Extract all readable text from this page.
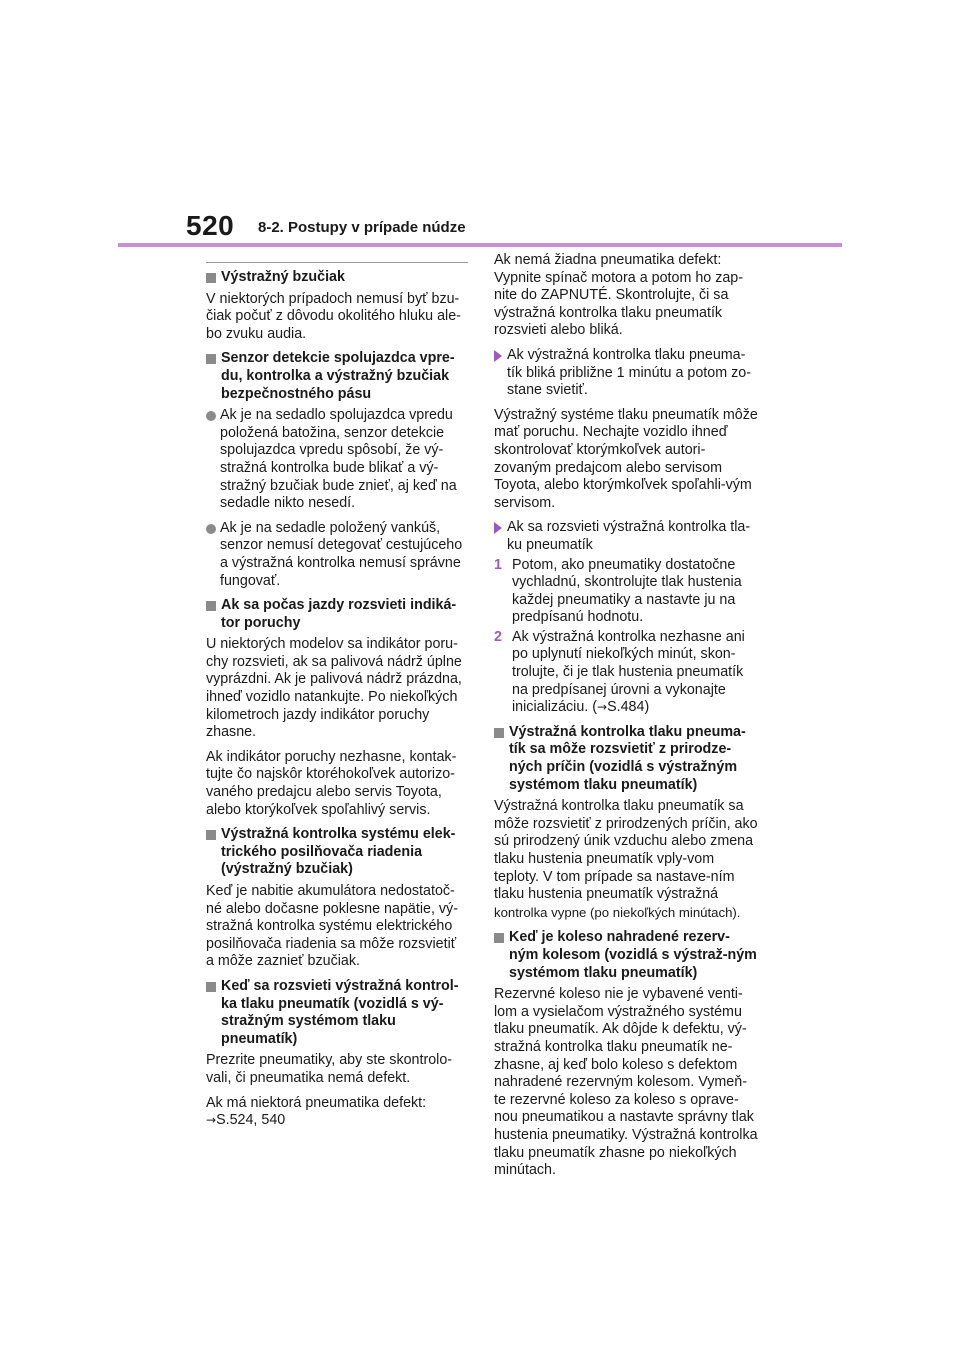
520 8-2. Postupy v prípade núdze
Výstražný bzučiak

V niektorých prípadoch nemusí byť bzu-čiak počuť z dôvodu okolitého hluku ale-bo zvuku audia.

Senzor detekcie spolujazdca vpre-du, kontrolka a výstražný bzučiak bezpečnostného pásu
Ak je na sedadlo spolujazdca vpredu položená batožina, senzor detekcie spolujazdca vpredu spôsobí, že vý-stražná kontrolka bude blikať a vý-stražný bzučiak bude znieť, aj keď na sedadle nikto nesedí.
Ak je na sedadle položený vankúš, senzor nemusí detegovať cestujúceho a výstražná kontrolka nemusí správne fungovať.
Ak sa počas jazdy rozsvieti indiká-tor poruchy

U niektorých modelov sa indikátor poru-chy rozsvieti, ak sa palivová nádrž úplne vyprázdni. Ak je palivová nádrž prázdna, ihneď vozidlo natankujte. Po niekoľkých kilometroch jazdy indikátor poruchy zhasne.

Ak indikátor poruchy nezhasne, kontak-tujte čo najskôr ktoréhokoľvek autorizo-vaného predajcu alebo servis Toyota, alebo ktorýkoľvek spoľahlivý servis.

Výstražná kontrolka systému elek-trického posilňovača riadenia (výstražný bzučiak)

Keď je nabitie akumulátora nedostatoč-né alebo dočasne poklesne napätie, vý-stražná kontrolka systému elektrického posilňovača riadenia sa môže rozsvietiť a môže zaznieť bzučiak.

Keď sa rozsvieti výstražná kontrol-ka tlaku pneumatík (vozidlá s vý-stražným systémom tlaku pneumatík)

Prezrite pneumatiky, aby ste skontrolo-vali, či pneumatika nemá defekt.

Ak má niektorá pneumatika defekt:
→S.524, 540

Ak nemá žiadna pneumatika defekt: Vypnite spínač motora a potom ho zap-nite do ZAPNUTÉ. Skontrolujte, či sa výstražná kontrolka tlaku pneumatík rozsvieti alebo bliká.

Ak výstražná kontrolka tlaku pneuma-tík bliká približne 1 minútu a potom zo-stane svietiť.

Výstražný systéme tlaku pneumatík môže mať poruchu. Nechajte vozidlo ihneď skontrolovať ktorýmkoľvek autori-zovaným predajcom alebo servisom Toyota, alebo ktorýmkoľvek spoľahli-vým servisom.

Ak sa rozsvieti výstražná kontrolka tla-ku pneumatík
1 Potom, ako pneumatiky dostatočne vychladnú, skontrolujte tlak hustenia každej pneumatiky a nastavte ju na predpísanú hodnotu.
2 Ak výstražná kontrolka nezhasne ani po uplynutí niekoľkých minút, skon-trolujte, či je tlak hustenia pneumatík na predpísanej úrovni a vykonajte inicializáciu. (→S.484)
Výstražná kontrolka tlaku pneuma-tík sa môže rozsvietiť z prirodze-ných príčin (vozidlá s výstražným systémom tlaku pneumatík)

Výstražná kontrolka tlaku pneumatík sa môže rozsvietiť z prirodzených príčin, ako sú prirodzený únik vzduchu alebo zmena tlaku hustenia pneumatík vply-vom teploty. V tom prípade sa nastave-ním tlaku hustenia pneumatík výstražná kontrolka vypne (po niekoľkých minútach).

Keď je koleso nahradené rezerv-ným kolesom (vozidlá s výstraž-ným systémom tlaku pneumatík)

Rezervné koleso nie je vybavené venti-lom a vysielačom výstražného systému tlaku pneumatík. Ak dôjde k defektu, vý-stražná kontrolka tlaku pneumatík ne-zhasne, aj keď bolo koleso s defektom nahradené rezervným kolesom. Vymeň-te rezervné koleso za koleso s oprave-nou pneumatikou a nastavte správny tlak hustenia pneumatiky. Výstražná kontrolka tlaku pneumatík zhasne po niekoľkých minútach.
